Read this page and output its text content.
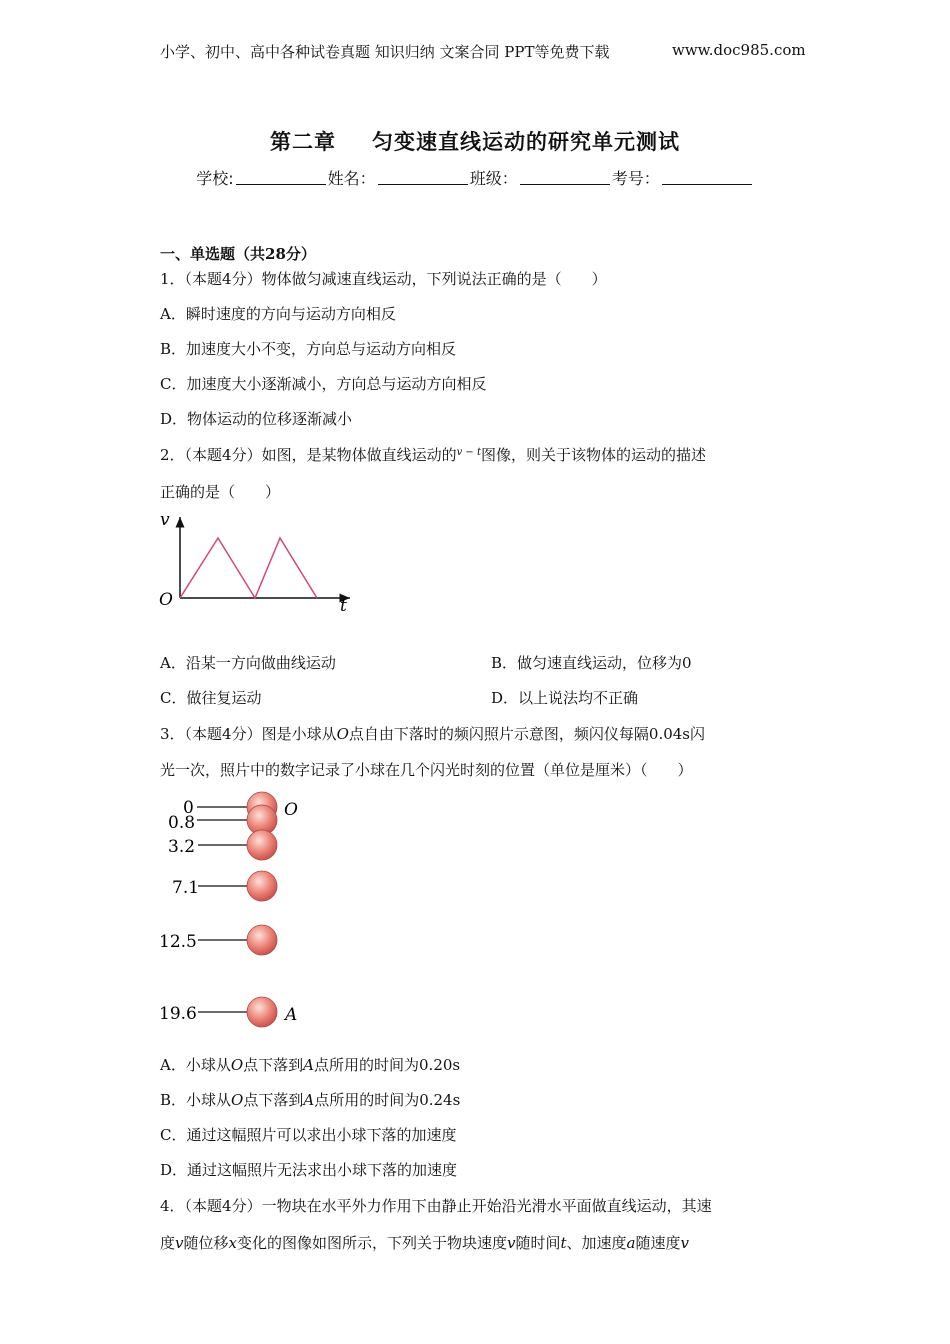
小学、初中、高中各种试卷真题 知识归纳 文案合同 PPT等免费下载	www.doc985.com
第二章 匀变速直线运动的研究单元测试
学校:	姓名：	班级：	考号：
一、单选题（共28分）
1．（本题4分）物体做匀减速直线运动，下列说法正确的是（　　）
A．瞬时速度的方向与运动方向相反
B．加速度大小不变，方向总与运动方向相反
C．加速度大小逐渐减小，方向总与运动方向相反
D．物体运动的位移逐渐减小
2．（本题4分）如图，是某物体做直线运动的$^{v - t}$图像，则关于该物体的运动的描述
正确的是（　　）
v
O	t
A．沿某一方向做曲线运动	B．做匀速直线运动，位移为0
C．做往复运动	D．以上说法均不正确
3．（本题4分）图是小球从O点自由下落时的频闪照片示意图，频闪仪每隔0.04s闪
光一次，照片中的数字记录了小球在几个闪光时刻的位置（单位是厘米）（　　）
0
0.8
3.2
7.1
12.5
19.6
O
A
A．小球从O点下落到A点所用的时间为0.20s
B．小球从O点下落到A点所用的时间为0.24s
C．通过这幅照片可以求出小球下落的加速度
D．通过这幅照片无法求出小球下落的加速度
4．（本题4分）一物块在水平外力作用下由静止开始沿光滑水平面做直线运动，其速
度v随位移x变化的图像如图所示，下列关于物块速度v随时间t、加速度a随速度v
